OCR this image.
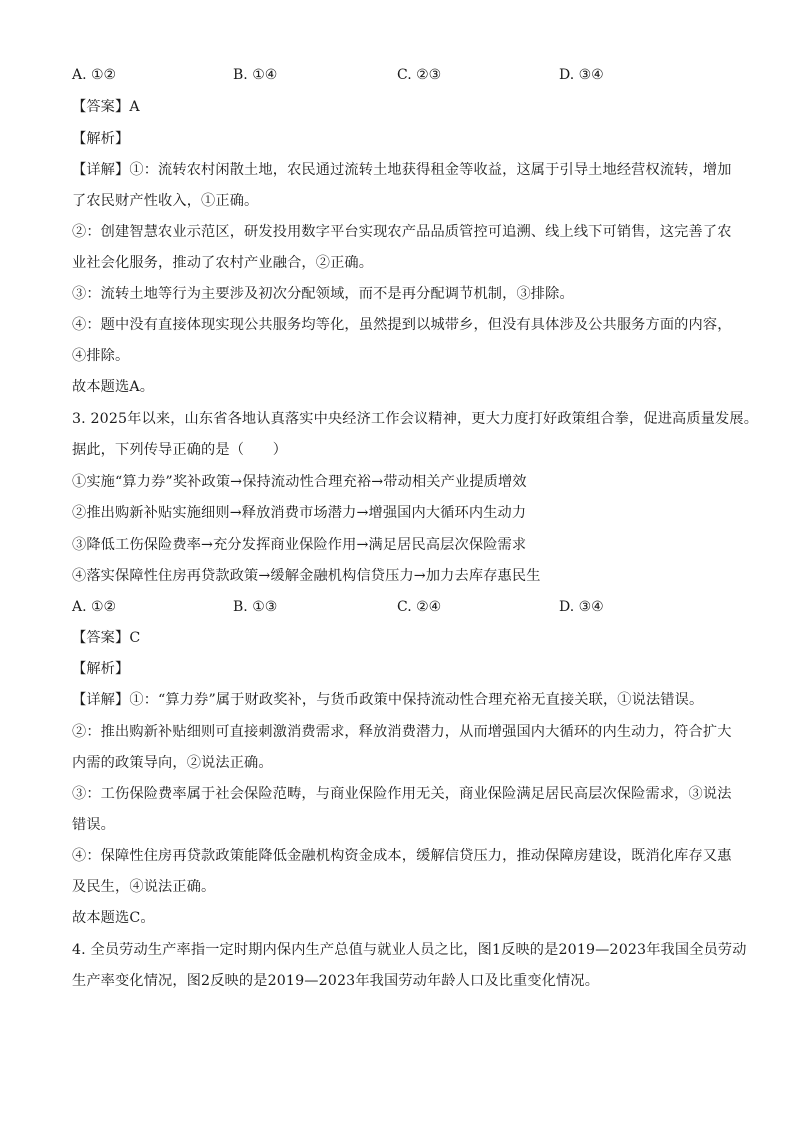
A. ①②	B. ①④	C. ②③	D. ③④
【答案】A
【解析】
【详解】①：流转农村闲散土地，农民通过流转土地获得租金等收益，这属于引导土地经营权流转，增加
了农民财产性收入，①正确。
②：创建智慧农业示范区，研发投用数字平台实现农产品品质管控可追溯、线上线下可销售，这完善了农
业社会化服务，推动了农村产业融合，②正确。
③：流转土地等行为主要涉及初次分配领域，而不是再分配调节机制，③排除。
④：题中没有直接体现实现公共服务均等化，虽然提到以城带乡，但没有具体涉及公共服务方面的内容，
④排除。
故本题选A。
3. 2025年以来，山东省各地认真落实中央经济工作会议精神，更大力度打好政策组合拳，促进高质量发展。
据此，下列传导正确的是（　　）
①实施“算力券”奖补政策→保持流动性合理充裕→带动相关产业提质增效
②推出购新补贴实施细则→释放消费市场潜力→增强国内大循环内生动力
③降低工伤保险费率→充分发挥商业保险作用→满足居民高层次保险需求
④落实保障性住房再贷款政策→缓解金融机构信贷压力→加力去库存惠民生
A. ①②	B. ①③	C. ②④	D. ③④
【答案】C
【解析】
【详解】①：“算力券”属于财政奖补，与货币政策中保持流动性合理充裕无直接关联，①说法错误。
②：推出购新补贴细则可直接刺激消费需求，释放消费潜力，从而增强国内大循环的内生动力，符合扩大
内需的政策导向，②说法正确。
③：工伤保险费率属于社会保险范畴，与商业保险作用无关，商业保险满足居民高层次保险需求，③说法
错误。
④：保障性住房再贷款政策能降低金融机构资金成本，缓解信贷压力，推动保障房建设，既消化库存又惠
及民生，④说法正确。
故本题选C。
4. 全员劳动生产率指一定时期内保内生产总值与就业人员之比，图1反映的是2019—2023年我国全员劳动
生产率变化情况，图2反映的是2019—2023年我国劳动年龄人口及比重变化情况。
